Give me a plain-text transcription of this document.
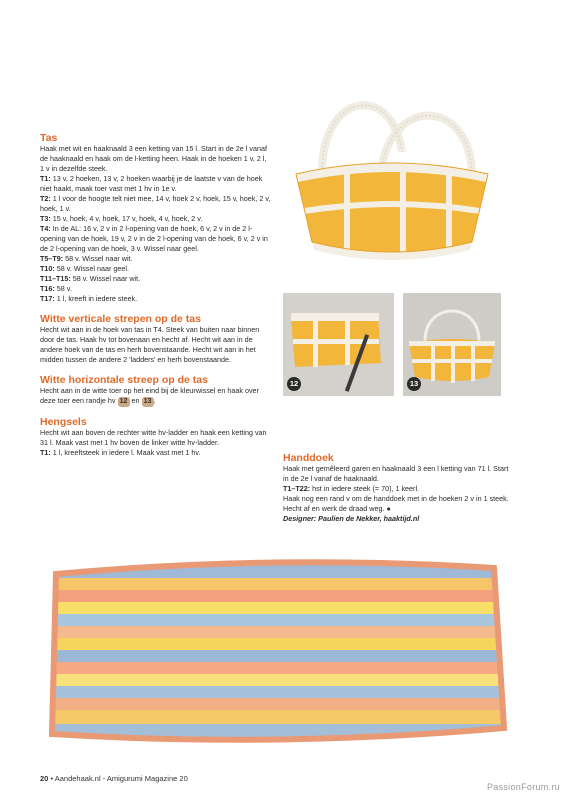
12	13

Tas

Haak met wit en haaknaald 3 een ketting van 15 l. Start in de 2e l vanaf de haaknaald en haak om de l-ketting heen. Haak in de hoeken 1 v, 2 l, 1 v in dezelfde steek.

T1: 13 v, 2 hoeken, 13 v, 2 hoeken waarbij je de laatste v van de hoek niet haakt, maak toer vast met 1 hv in 1e v.

T2: 1 l voor de hoogte telt niet mee, 14 v, hoek 2 v, hoek, 15 v, hoek, 2 v, hoek, 1 v.

T3: 15 v, hoek, 4 v, hoek, 17 v, hoek, 4 v, hoek, 2 v.

T4: In de AL: 16 v, 2 v in 2 l-opening van de hoek, 6 v, 2 v in de 2 l-opening van de hoek, 19 v, 2 v in de 2 l-opening van de hoek, 6 v, 2 v in de 2 l-opening van de hoek, 3 v. Wissel naar geel.

T5–T9: 58 v. Wissel naar wit.

T10: 58 v. Wissel naar geel.

T11–T15: 58 v. Wissel naar wit.

T16: 58 v.

T17: 1 l, kreeft in iedere steek.

Witte verticale strepen op de tas

Hecht wit aan in de hoek van tas in T4. Steek van buiten naar binnen door de tas. Haak hv tot bovenaan en hecht af. Hecht wit aan in de andere hoek van de tas en herh bovenstaande. Hecht wit aan in het midden tussen de andere 2 'ladders' en herh bovenstaande.

Witte horizontale streep op de tas

Hecht aan in de witte toer op het eind bij de kleurwissel en haak over deze toer een randje hv 12 en 13 .

Hengsels

Hecht wit aan boven de rechter witte hv-ladder en haak een ketting van 31 l. Maak vast met 1 hv boven de linker witte hv-ladder.

T1: 1 l, kreeftsteek in iedere l. Maak vast met 1 hv.	Handdoek

Haak met gemêleerd garen en haaknaald 3 een l ketting van 71 l. Start in de 2e l vanaf de haaknaald.

T1–T22: hst in iedere steek (= 70), 1 keerl.

Haak nog een rand v om de handdoek met in de hoeken 2 v in 1 steek. Hecht af en werk de draad weg. ●

Designer: Paulien de Nekker, haaktijd.nl

20 • Aandehaak.nl - Amigurumi Magazine 20
PassionForum.ru
